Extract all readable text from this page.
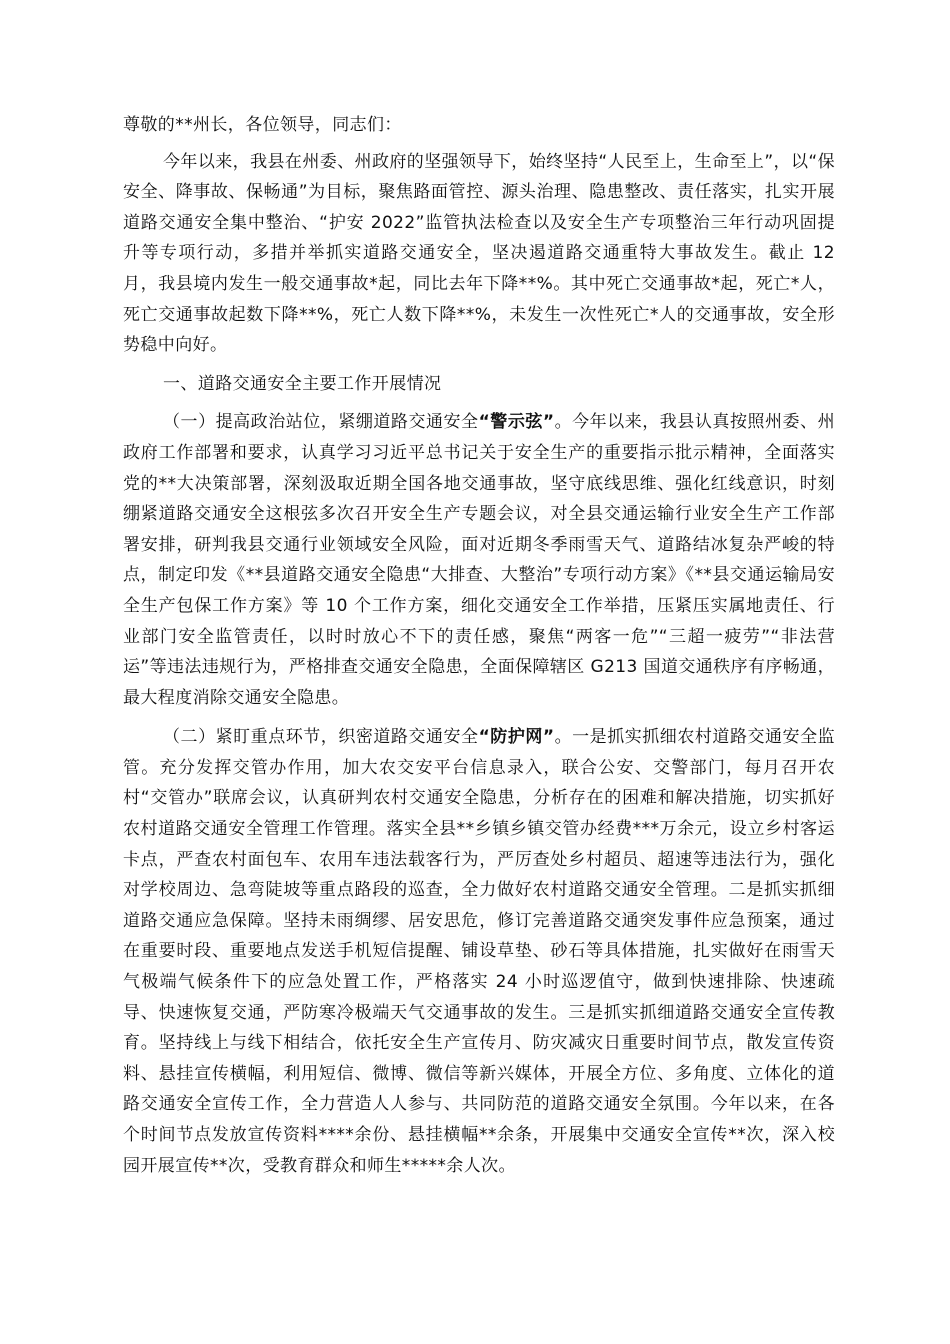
尊敬的**州长，各位领导，同志们：

今年以来，我县在州委、州政府的坚强领导下，始终坚持“人民至上，生命至上”，以“保安全、降事故、保畅通”为目标，聚焦路面管控、源头治理、隐患整改、责任落实，扎实开展道路交通安全集中整治、“护安 2022”监管执法检查以及安全生产专项整治三年行动巩固提升等专项行动，多措并举抓实道路交通安全，坚决遏道路交通重特大事故发生。截止 12 月，我县境内发生一般交通事故*起，同比去年下降**%。其中死亡交通事故*起，死亡*人，死亡交通事故起数下降**%，死亡人数下降**%，未发生一次性死亡*人的交通事故，安全形势稳中向好。

一、道路交通安全主要工作开展情况

（一）提高政治站位，紧绷道路交通安全“警示弦”。今年以来，我县认真按照州委、州政府工作部署和要求，认真学习习近平总书记关于安全生产的重要指示批示精神，全面落实党的**大决策部署，深刻汲取近期全国各地交通事故，坚守底线思维、强化红线意识，时刻绷紧道路交通安全这根弦多次召开安全生产专题会议，对全县交通运输行业安全生产工作部署安排，研判我县交通行业领域安全风险，面对近期冬季雨雪天气、道路结冰复杂严峻的特点，制定印发《**县道路交通安全隐患“大排查、大整治”专项行动方案》《**县交通运输局安全生产包保工作方案》等 10 个工作方案，细化交通安全工作举措，压紧压实属地责任、行业部门安全监管责任，以时时放心不下的责任感，聚焦“两客一危”“三超一疲劳”“非法营运”等违法违规行为，严格排查交通安全隐患，全面保障辖区 G213 国道交通秩序有序畅通，最大程度消除交通安全隐患。

（二）紧盯重点环节，织密道路交通安全“防护网”。一是抓实抓细农村道路交通安全监管。充分发挥交管办作用，加大农交安平台信息录入，联合公安、交警部门，每月召开农村“交管办”联席会议，认真研判农村交通安全隐患，分析存在的困难和解决措施，切实抓好农村道路交通安全管理工作管理。落实全县**乡镇乡镇交管办经费***万余元，设立乡村客运卡点，严查农村面包车、农用车违法载客行为，严厉查处乡村超员、超速等违法行为，强化对学校周边、急弯陡坡等重点路段的巡查，全力做好农村道路交通安全管理。二是抓实抓细道路交通应急保障。坚持未雨绸缪、居安思危，修订完善道路交通突发事件应急预案，通过在重要时段、重要地点发送手机短信提醒、铺设草垫、砂石等具体措施，扎实做好在雨雪天气极端气候条件下的应急处置工作，严格落实 24 小时巡逻值守，做到快速排除、快速疏导、快速恢复交通，严防寒冷极端天气交通事故的发生。三是抓实抓细道路交通安全宣传教育。坚持线上与线下相结合，依托安全生产宣传月、防灾减灾日重要时间节点，散发宣传资料、悬挂宣传横幅，利用短信、微博、微信等新兴媒体，开展全方位、多角度、立体化的道路交通安全宣传工作，全力营造人人参与、共同防范的道路交通安全氛围。今年以来，在各个时间节点发放宣传资料****余份、悬挂横幅**余条，开展集中交通安全宣传**次，深入校园开展宣传**次，受教育群众和师生*****余人次。
